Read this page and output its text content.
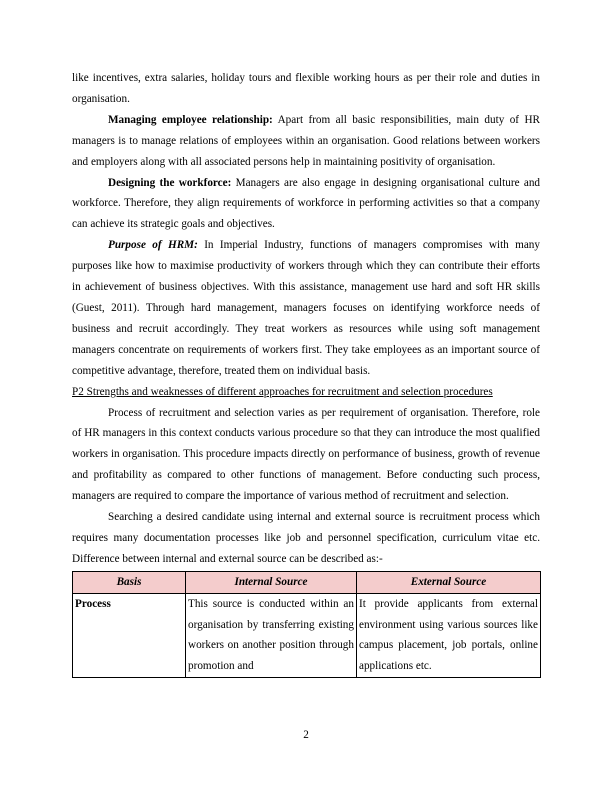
like incentives, extra salaries, holiday tours and flexible working hours as per their role and duties in organisation.

Managing employee relationship: Apart from all basic responsibilities, main duty of HR managers is to manage relations of employees within an organisation. Good relations between workers and employers along with all associated persons help in maintaining positivity of organisation.

Designing the workforce: Managers are also engage in designing organisational culture and workforce. Therefore, they align requirements of workforce in performing activities so that a company can achieve its strategic goals and objectives.

Purpose of HRM: In Imperial Industry, functions of managers compromises with many purposes like how to maximise productivity of workers through which they can contribute their efforts in achievement of business objectives. With this assistance, management use hard and soft HR skills (Guest, 2011). Through hard management, managers focuses on identifying workforce needs of business and recruit accordingly. They treat workers as resources while using soft management managers concentrate on requirements of workers first. They take employees as an important source of competitive advantage, therefore, treated them on individual basis.

P2 Strengths and weaknesses of different approaches for recruitment and selection procedures

Process of recruitment and selection varies as per requirement of organisation. Therefore, role of HR managers in this context conducts various procedure so that they can introduce the most qualified workers in organisation. This procedure impacts directly on performance of business, growth of revenue and profitability as compared to other functions of management. Before conducting such process, managers are required to compare the importance of various method of recruitment and selection.

Searching a desired candidate using internal and external source is recruitment process which requires many documentation processes like job and personnel specification, curriculum vitae etc. Difference between internal and external source can be described as:-

Basis	Internal Source	External Source
Process	This source is conducted within an organisation by transferring existing workers on another position through promotion and	It provide applicants from external environment using various sources like campus placement, job portals, online applications etc.
2
